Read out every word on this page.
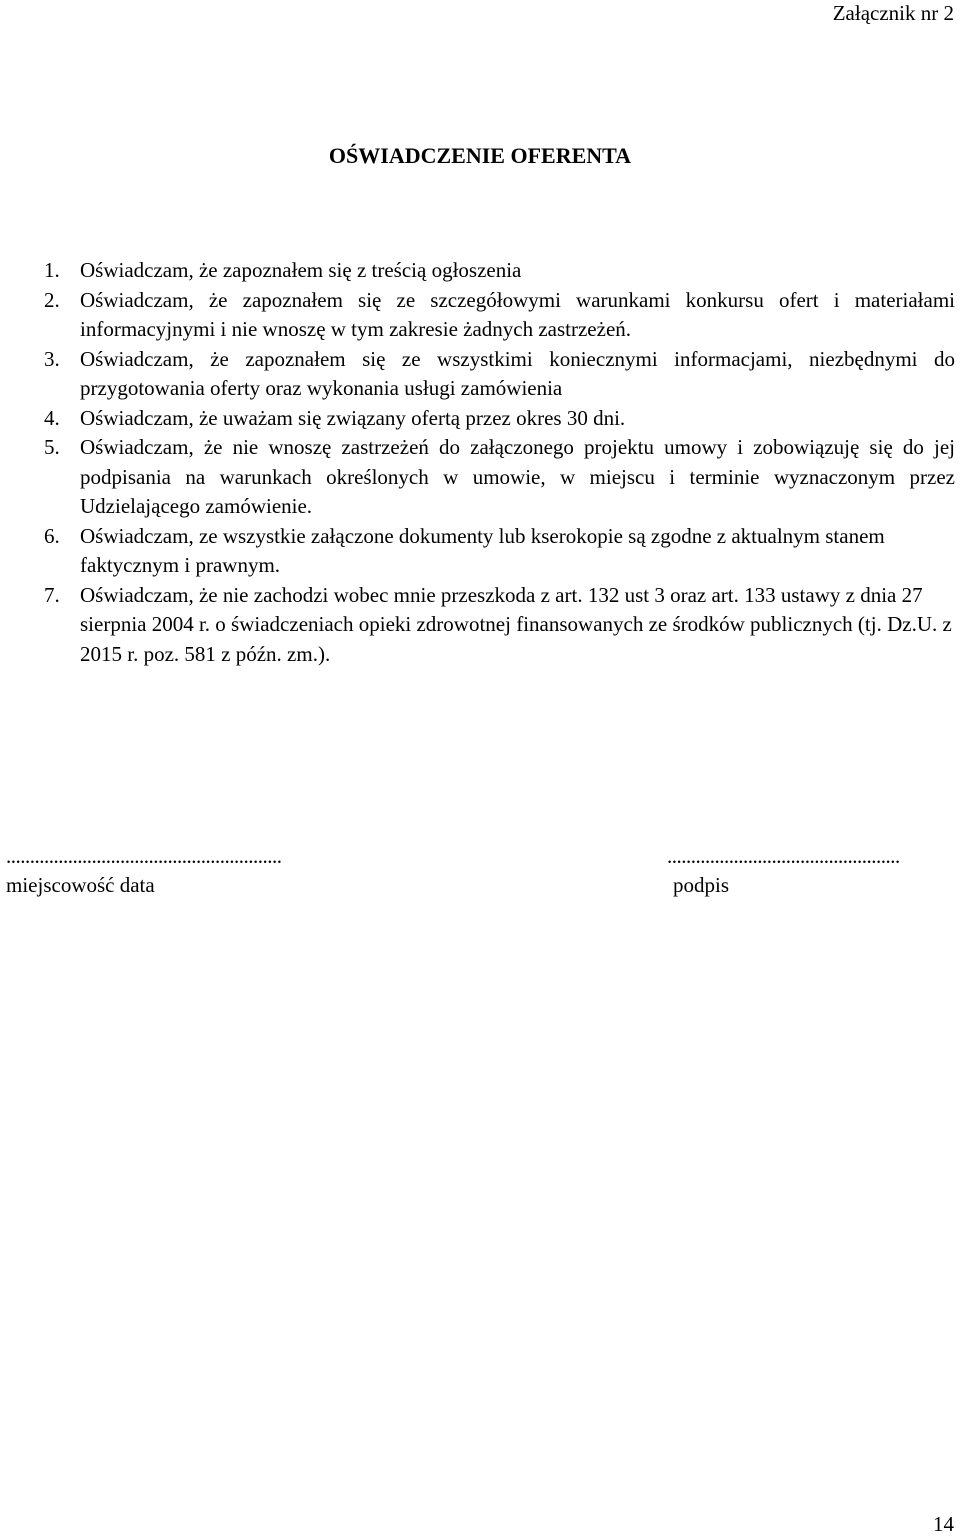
Załącznik nr 2
OŚWIADCZENIE OFERENTA
1. Oświadczam, że zapoznałem się z treścią ogłoszenia
2. Oświadczam, że zapoznałem się ze szczegółowymi warunkami konkursu ofert i materiałami informacyjnymi i nie wnoszę w tym zakresie żadnych zastrzeżeń.
3. Oświadczam, że zapoznałem się ze wszystkimi koniecznymi informacjami, niezbędnymi do przygotowania oferty oraz wykonania usługi zamówienia
4. Oświadczam, że uważam się związany ofertą przez okres 30 dni.
5. Oświadczam, że nie wnoszę zastrzeżeń do załączonego projektu umowy i zobowiązuję się do jej podpisania na warunkach określonych w umowie, w miejscu i terminie wyznaczonym przez Udzielającego zamówienie.
6. Oświadczam, ze wszystkie załączone dokumenty lub kserokopie są zgodne z aktualnym stanem faktycznym i prawnym.
7. Oświadczam, że nie zachodzi wobec mnie przeszkoda z art. 132 ust 3 oraz art. 133 ustawy z dnia 27 sierpnia 2004 r. o świadczeniach opieki zdrowotnej finansowanych ze środków publicznych (tj. Dz.U. z 2015 r. poz. 581 z późn. zm.).
..........................................................
miejscowość data
.................................................
podpis
14
